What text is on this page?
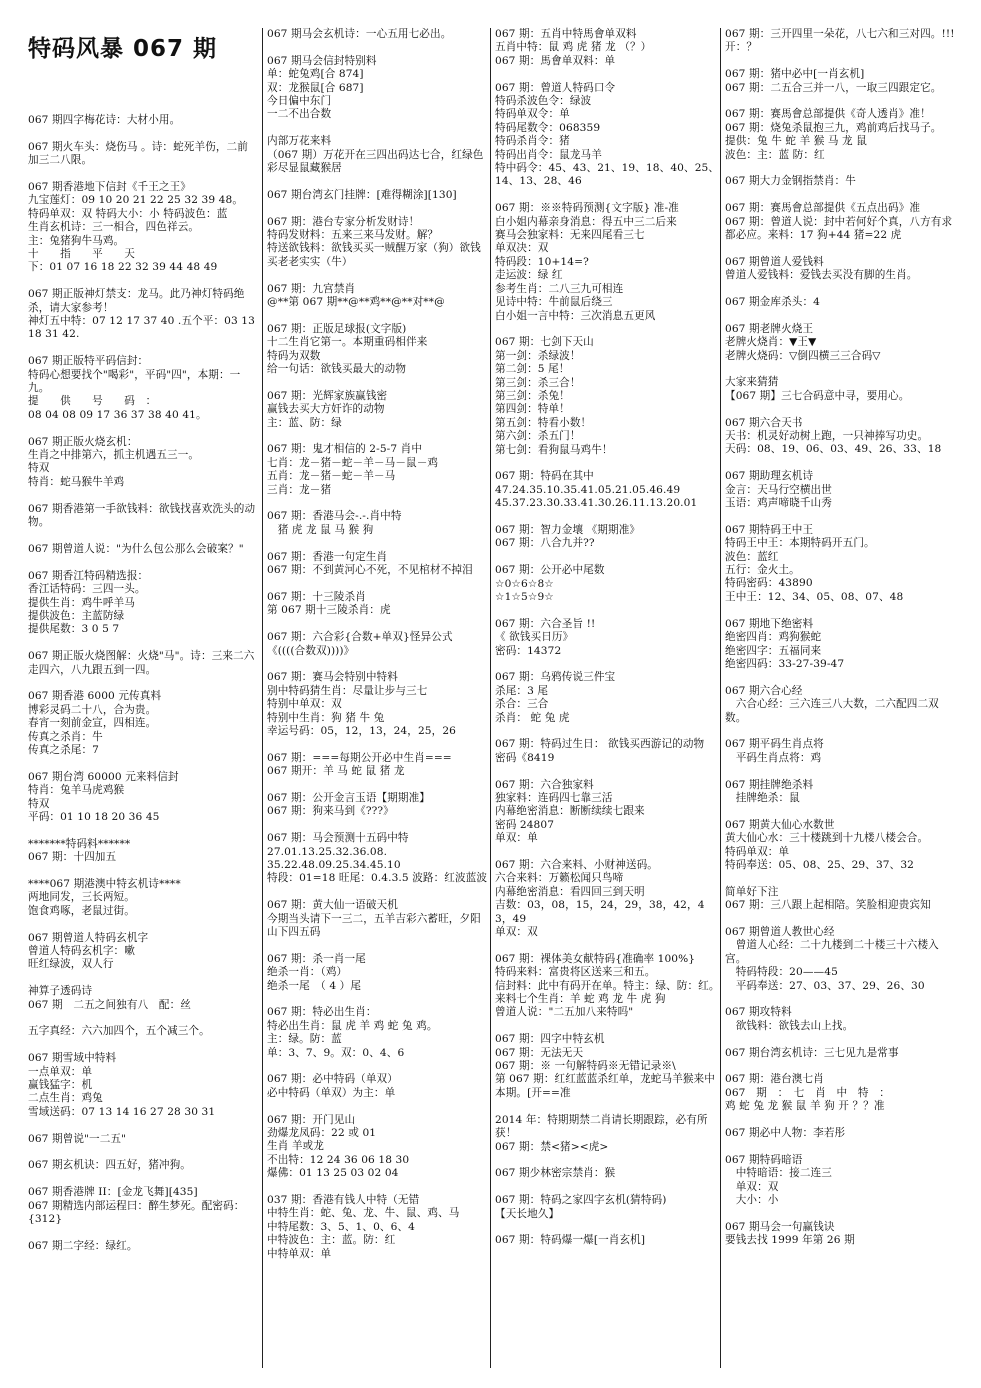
特码风暴 067 期
067 期四字梅花诗：大材小用。
067 期火车头：烧伤马 。诗：蛇死羊伤，二前加三二八限。
067 期香港地下信封《千王之王》
九宝莲灯：09 10 20 21 22 25 32 39 48。
特码单双：双 特码大小：小 特码波色：蓝
生肖玄机诗：三一相合，四色祥云。
主：兔猪狗牛马鸡。
十　　指　　平　　天
下：01 07 16 18 22 32 39 44 48 49
067 期正版神灯禁支：龙马。此乃神灯特码绝杀，请大家参考！
神灯五中特：07 12 17 37 40 .五个平：03 13 18 31 42.
067 期正版特平码信封：
特码心想要找个"喝彩"，平码"四"，本期：一九。
提　　供　　号　　码　：
08 04 08 09 17 36 37 38 40 41。
067 期正版火烧玄机：
生肖之中排第六，抓主机遇五三一。
特双
特肖：蛇马猴牛羊鸡
067 期香港第一手欲钱料：欲钱找喜欢洗头的动物。
067 期曾道人说："为什么包公那么会破案？"
067 期香江特码精选报：
香江话特码：三四一头。
提供生肖：鸡牛呼羊马
提供波色：主蓝防绿
提供尾数：3 0 5 7
067 期正版火烧图解：火烧"马"。诗：三来二六走四六，八九跟五到一四。
067 期香港 6000 元传真料
博彩灵码二十八，合为贵。
春宵一刻前金宣，四相连。
传真之杀肖：牛
传真之杀尾：7
067 期台湾 60000 元来料信封
特肖：兔羊马虎鸡猴
特双
平码：01 10 18 20 36 45
*******特码料******
067 期：十四加五
****067 期港澳中特玄机诗****
两地同发，三长两短。
饱食鸡啄，老鼠过街。
067 期曾道人特码玄机字
曾道人特码玄机字：嗽
旺红绿波，双人行
神算子透码诗
067 期　二五之间独有八　配：丝
五字真经：六六加四个，五个减三个。
067 期雪域中特料
一点单双：单
赢钱猛字：机
二点生肖：鸡兔
雪域送码：07 13 14 16 27 28 30 31
067 期曾说"一二五"
067 期玄机诀：四五好，猪冲狗。
067 期香港牌 II：[金龙飞舞][435]
067 期精选内部运程曰：醉生梦死。配密码：{312}
067 期二字经：绿红。
067 期马会玄机诗：一心五用七必出。
067 期马会信封特别料
单：蛇兔鸡[合 874]
双：龙猴鼠[合 687]
今日偏中东门
一二不出合数
内部万花来料
（067 期）万花开在三四出码达七合，红绿色彩尽显鼠藏猴居
067 期台湾玄门挂牌：[难得糊涂][130]
067 期：港台专家分析发财诗！
特码发财料：五来三来马发财。解？
特送欲钱料：欲钱买买一贼醒万家（狗）欲钱买老老实实（牛）
067 期：九宫禁肖
@**第 067 期**@**鸡**@**对**@
067 期：正版足球报(文字版)
十二生肖它第一。本期重码相伴来
特码为双数
给一句话：欲钱买最大的动物
067 期：光辉家族赢钱密
赢钱去买大方奸诈的动物
主：蓝、防：绿
067 期：鬼才相信的 2-5-7 肖中
七肖：龙－猪－蛇－羊－马－鼠－鸡
五肖：龙－猪－蛇－羊－马
三肖：龙－猪
067 期：香港马会-.-.肖中特
　猪 虎 龙 鼠 马 猴 狗
067 期：香港一句定生肖
067 期：不到黄河心不死，不见棺材不掉泪
067 期：十三陵杀肖
第 067 期十三陵杀肖：虎
067 期：六合彩{合数+单双}怪异公式
《((((合数双))))》
067 期：赛马会特别中特料
别中特码猜生肖：尽量让步与三七
特别中单双：双
特别中生肖：狗 猪 牛 兔
幸运号码：05，12，13，24，25，26
067 期：===每期公开必中生肖===
067 期开：羊 马 蛇 鼠 猪 龙
067 期：公开金言玉语【期期准】
067 期：狗来马到《???》
067 期：马会预测十五码中特
27.01.13.25.32.36.08.
35.22.48.09.25.34.45.10
特段：01=18 旺尾：0.4.3.5 波路：红波蓝波
067 期：黄大仙一语破天机
今期当头请下一三二，五羊吉彩六蓄旺，夕阳山下四五码
067 期：杀一肖一尾
绝杀一肖：（鸡）
绝杀一尾　（ 4 ）尾
067 期：特必出生肖：
特必出生肖：鼠 虎 羊 鸡 蛇 兔 鸡。
主：绿。防：蓝
单：3、7、9。双：0、4、6
067 期：必中特码（单双）
必中特码（单双）为主：单
067 期：开门见山
劲爆龙凤码：22 或 01
生肖 羊或龙
不出特：12 24 36 06 18 30
爆佛：01 13 25 03 02 04
037 期：香港有钱人中特（无错
中特生肖：蛇、兔、龙、牛、鼠、鸡、马
中特尾数：3、5、1、0、6、4
中特波色：主：蓝。防：红
中特单双：单
067 期：五肖中特馬會单双料
五肖中特：鼠 鸡 虎 猪 龙 （？）
067 期：馬會单双料：单
067 期：曾道人特码口令
特码杀波色令：绿波
特码单双令：单
特码尾数令：068359
特码杀肖令：猪
特码出肖令：鼠龙马羊
特中码令：45、43、21、19、18、40、25、14、13、28、46
067 期：※※特码预测{文字版} 准-准
白小姐内幕亲身消息：得五中三二后来
赛马会独家料：无来四尾看三七
单双决：双
特码段：10+14=?
走运波：绿 红
参考生肖：二八三九可相连
见诗中特：牛前鼠后绕三
白小姐一言中特：三次消息五更风
067 期：七剑下天山
第一剑：杀绿波！
第二剑：5 尾！
第三剑：杀三合！
第三剑：杀兔！
第四剑：特单！
第五剑：特看小数！
第六剑：杀五门！
第七剑：看狗鼠马鸡牛！
067 期：特码在其中
47.24.35.10.35.41.05.21.05.46.49
45.37.23.30.33.41.30.26.11.13.20.01
067 期：智力金壤 《期期准》
067 期：八合九并??
067 期：公开必中尾数
☆0☆6☆8☆
☆1☆5☆9☆
067 期：六合圣旨 !!
《 欲钱买日历》
密码：14372
067 期：乌鸦传说三件宝
杀尾：3 尾
杀合：三合
杀肖： 蛇 兔 虎
067 期：特码过生日： 欲钱买西游记的动物
密码《8419
067 期：六合独家料
独家料：连码四七靠三活
内幕绝密消息：断断续续七跟来
密码 24807
单双：单
067 期：六合来料、小财神送码。
六合来料：万籁松闻只鸟啼
内幕绝密消息：看四回三到天明
吉数：03，08，15，24，29，38，42，43，49
单双：双
067 期：裸体美女献特码{准确率 100%}
特码来料：富贵将区送来三和五。
信封料：此中有码开在单。特主：绿、防：红。
来料七个生肖：羊 蛇 鸡 龙 牛 虎 狗
曾道人说："二五加八来特吗"
067 期：四字中特玄机
067 期：无法无天
067 期：※ 一句解特码※无错记录※\
第 067 期：红红蓝蓝杀红单，龙蛇马羊猴来中本期。[开==准
2014 年：特期期禁二肖请长期跟踪，必有所获！
067 期：禁<猪><虎>
067 期少林密宗禁肖：猴
067 期：特码之家四字玄机(猜特码)
【天长地久】
067 期：特码爆一爆[一肖玄机]
067 期：三开四里一朵花，八七六和三对四。!!! 开：？
067 期：猪中必中[一肖玄机]
067 期：二五合三并一八，一取三四跟定它。
067 期：赛馬會总部提供《奇人透肖》准！
067 期：烧兔杀鼠抱三九，鸡前鸡后找马子。
提供：兔 牛 蛇 羊 猴 马 龙 鼠
波色：主：蓝 防：红
067 期大力金钢指禁肖：牛
067 期：赛馬會总部提供《五点出码》准
067 期：曾道人说：封中若何好个真，八方有求都必应。来料：17 狗+44 猪=22 虎
067 期曾道人爱钱料
曾道人爱钱料：爱钱去买没有脚的生肖。
067 期金库杀头：4
067 期老牌火烧王
老牌火烧肖：▼王▼
老牌火烧码：▽倒四横三三合码▽
大家来猜猜
【067 期】三七合码意中寻，要用心。
067 期六合天书
天书：机灵好动树上跑，一只神捧写功史。
天码：08、19、06、03、49、26、33、18
067 期助理玄机诗
金言：天马行空横出世
玉语：鸡声啼晓千山秀
067 期特码王中王
特码王中王：本期特码开五门。
波色：蓝红
五行：金火土。
特码密码：43890
王中王：12、34、05、08、07、48
067 期地下绝密料
绝密四肖：鸡狗猴蛇
绝密四字：五福同来
绝密四码：33-27-39-47
067 期六合心经
　六合心经：三六连三八大数，二六配四二双数。
067 期平码生肖点将
　平码生肖点将：鸡
067 期挂牌绝杀料
　挂牌绝杀：鼠
067 期黄大仙心水数世
黄大仙心水：三十楼跳到十九楼八楼会合。
特码单双：单
特码奉送：05、08、25、29、37、32
简单好下注
067 期：三八跟上起相陪。笑脸相迎贵宾知
067 期曾道人教世心经
　曾道人心经：二十九楼到二十楼三十六楼入宫。
　特码特段：20——45
　平码奉送：27、03、37、29、26、30
067 期攻特料
　欲钱料：欲钱去山上找。
067 期台湾玄机诗：三七见九是常事
067 期：港台澳七肖
067　期　：　七　肖　中　特　：
鸡 蛇 兔 龙 猴 鼠 羊 狗 开 ？？准
067 期必中人物：李若彤
067 期特码暗语
　中特暗语：接二连三
　单双：双
　大小：小
067 期马会一句赢钱诀
要钱去找 1999 年第 26 期
